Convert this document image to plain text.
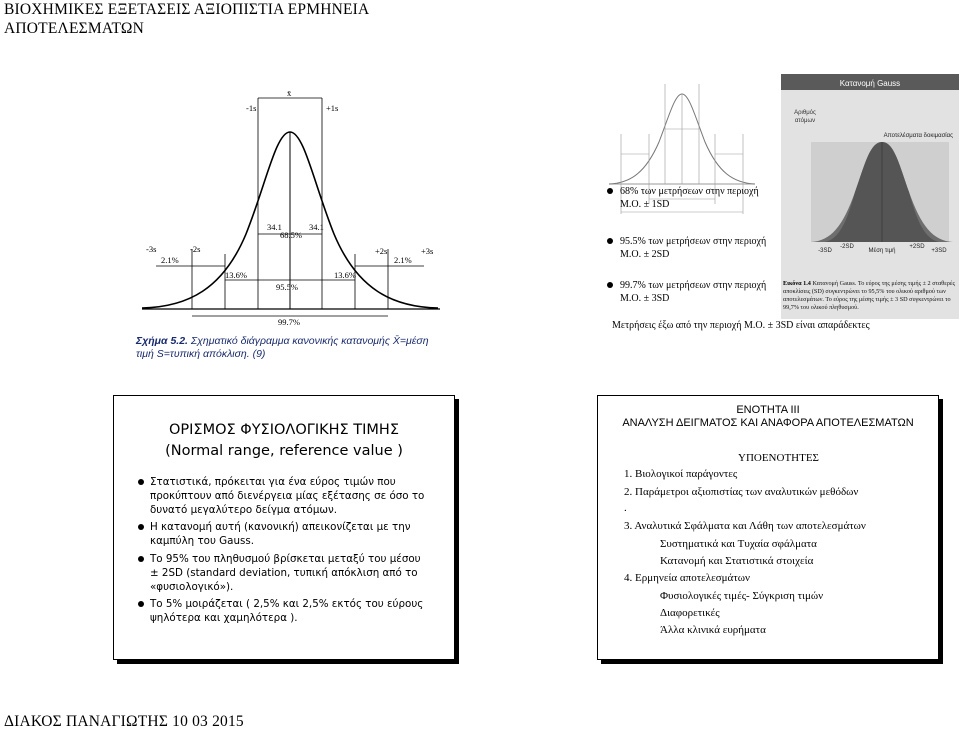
ΒΙΟΧΗΜΙΚΕΣ ΕΞΕΤΑΣΕΙΣ ΑΞΙΟΠΙΣΤΙΑ ΕΡΜΗΝΕΙΑ
ΑΠΟΤΕΛΕΣΜΑΤΩΝ
x̄
-1s	+1s
-3s	-2s	+2s	+3s
34.1
68.5%
34.1
2.1%	2.1%
13.6%
95.5%
13.6%
99.7%
Σχήμα 5.2. Σχηματικό διάγραμμα κανονικής κατανομής X̄=μέση τιμή S=τυπική απόκλιση. (9)
Κατανομή Gauss
Αριθμός
ατόμων
Αποτελέσματα δοκιμασίας
-3SD
-2SD
Μέση τιμή
+2SD
+3SD
Εικόνα 1.4 Κατανομή Gauss. Το εύρος της μέσης τιμής ± 2 σταθερές αποκλίσεις (SD) συγκεντρώνει το 95,5% του ολικού αριθμού των αποτελεσμάτων. Το εύρος της μέσης τιμής ± 3 SD συγκεντρώνει το 99,7% του ολικού πληθυσμού.
68% των μετρήσεων στην περιοχή
Μ.Ο. ± 1SD
95.5% των μετρήσεων στην περιοχή
Μ.Ο. ± 2SD
99.7% των μετρήσεων στην περιοχή
Μ.Ο. ± 3SD
Μετρήσεις έξω από την περιοχή Μ.Ο. ± 3SD είναι απαράδεκτες
ΟΡΙΣΜΟΣ ΦΥΣΙΟΛΟΓΙΚΗΣ ΤΙΜΗΣ
(Normal range, reference value )
Στατιστικά, πρόκειται για ένα εύρος τιμών που
προκύπτουν από διενέργεια μίας εξέτασης σε όσο το
δυνατό μεγαλύτερο δείγμα ατόμων.
Η κατανομή αυτή (κανονική) απεικονίζεται με την
καμπύλη του Gauss.
Το 95% του πληθυσμού βρίσκεται μεταξύ του μέσου
± 2SD (standard deviation, τυπική απόκλιση από το
«φυσιολογικό»).
Το 5% μοιράζεται ( 2,5% και 2,5% εκτός του εύρους
ψηλότερα και χαμηλότερα ).
ΕΝΟΤΗΤΑ ΙΙΙ
ΑΝΑΛΥΣΗ ΔΕΙΓΜΑΤΟΣ ΚΑΙ ΑΝΑΦΟΡΑ ΑΠΟΤΕΛΕΣΜΑΤΩΝ
ΥΠΟΕΝΟΤΗΤΕΣ
1. Βιολογικοί παράγοντες
2. Παράμετροι αξιοπιστίας των αναλυτικών μεθόδων
.
3. Αναλυτικά Σφάλματα και Λάθη των αποτελεσμάτων
Συστηματικά και Τυχαία σφάλματα
Κατανομή και Στατιστικά στοιχεία
4. Ερμηνεία αποτελεσμάτων
Φυσιολογικές τιμές- Σύγκριση τιμών
Διαφορετικές
Άλλα κλινικά ευρήματα
ΔΙΑΚΟΣ ΠΑΝΑΓΙΩΤΗΣ 10 03 2015
